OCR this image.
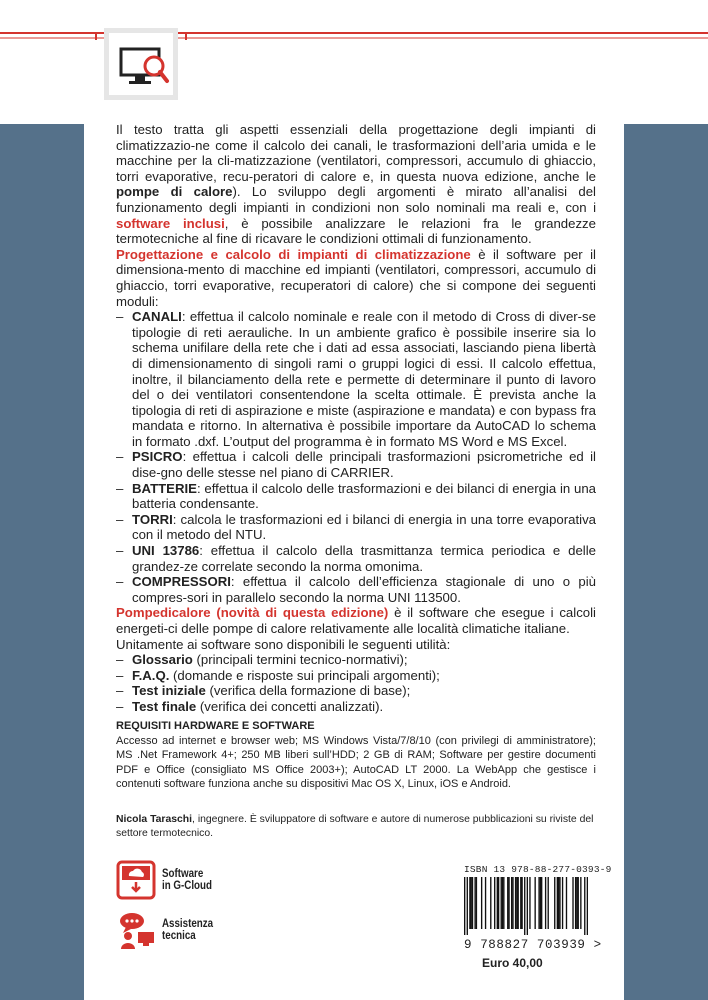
Il testo tratta gli aspetti essenziali della progettazione degli impianti di climatizzazio-ne come il calcolo dei canali, le trasformazioni dell’aria umida e le macchine per la cli-matizzazione (ventilatori, compressori, accumulo di ghiaccio, torri evaporative, recu-peratori di calore e, in questa nuova edizione, anche le pompe di calore). Lo sviluppo degli argomenti è mirato all’analisi del funzionamento degli impianti in condizioni non solo nominali ma reali e, con i software inclusi, è possibile analizzare le relazioni fra le grandezze termotecniche al fine di ricavare le condizioni ottimali di funzionamento.

Progettazione e calcolo di impianti di climatizzazione è il software per il dimensiona-mento di macchine ed impianti (ventilatori, compressori, accumulo di ghiaccio, torri evaporative, recuperatori di calore) che si compone dei seguenti moduli:

– CANALI: effettua il calcolo nominale e reale con il metodo di Cross di diver-se tipologie di reti aerauliche. In un ambiente grafico è possibile inserire sia lo schema unifilare della rete che i dati ad essa associati, lasciando piena libertà di dimensionamento di singoli rami o gruppi logici di essi. Il calcolo effettua, inoltre, il bilanciamento della rete e permette di determinare il punto di lavoro del o dei ventilatori consentendone la scelta ottimale. È prevista anche la tipologia di reti di aspirazione e miste (aspirazione e mandata) e con bypass fra mandata e ritorno. In alternativa è possibile importare da AutoCAD lo schema in formato .dxf. L’output del programma è in formato MS Word e MS Excel.
– PSICRO: effettua i calcoli delle principali trasformazioni psicrometriche ed il dise-gno delle stesse nel piano di CARRIER.
– BATTERIE: effettua il calcolo delle trasformazioni e dei bilanci di energia in una batteria condensante.
– TORRI: calcola le trasformazioni ed i bilanci di energia in una torre evaporativa con il metodo del NTU.
– UNI 13786: effettua il calcolo della trasmittanza termica periodica e delle grandez-ze correlate secondo la norma omonima.
– COMPRESSORI: effettua il calcolo dell’efficienza stagionale di uno o più compres-sori in parallelo secondo la norma UNI 113500.

Pompedicalore (novità di questa edizione) è il software che esegue i calcoli energeti-ci delle pompe di calore relativamente alle località climatiche italiane.

Unitamente ai software sono disponibili le seguenti utilità:

– Glossario (principali termini tecnico-normativi);
– F.A.Q. (domande e risposte sui principali argomenti);
– Test iniziale (verifica della formazione di base);
– Test finale (verifica dei concetti analizzati).
REQUISITI HARDWARE E SOFTWARE

Accesso ad internet e browser web; MS Windows Vista/7/8/10 (con privilegi di amministratore); MS .Net Framework 4+; 250 MB liberi sull’HDD; 2 GB di RAM; Software per gestire documenti PDF e Office (consigliato MS Office 2003+); AutoCAD LT 2000. La WebApp che gestisce i contenuti software funziona anche su dispositivi Mac OS X, Linux, iOS e Android.

Nicola Taraschi, ingegnere. È sviluppatore di software e autore di numerose pubblicazioni su riviste del settore termotecnico.
Software
in G-Cloud
Assistenza
tecnica
ISBN 13 978-88-277-0393-9
9 788827 703939 >
Euro 40,00
